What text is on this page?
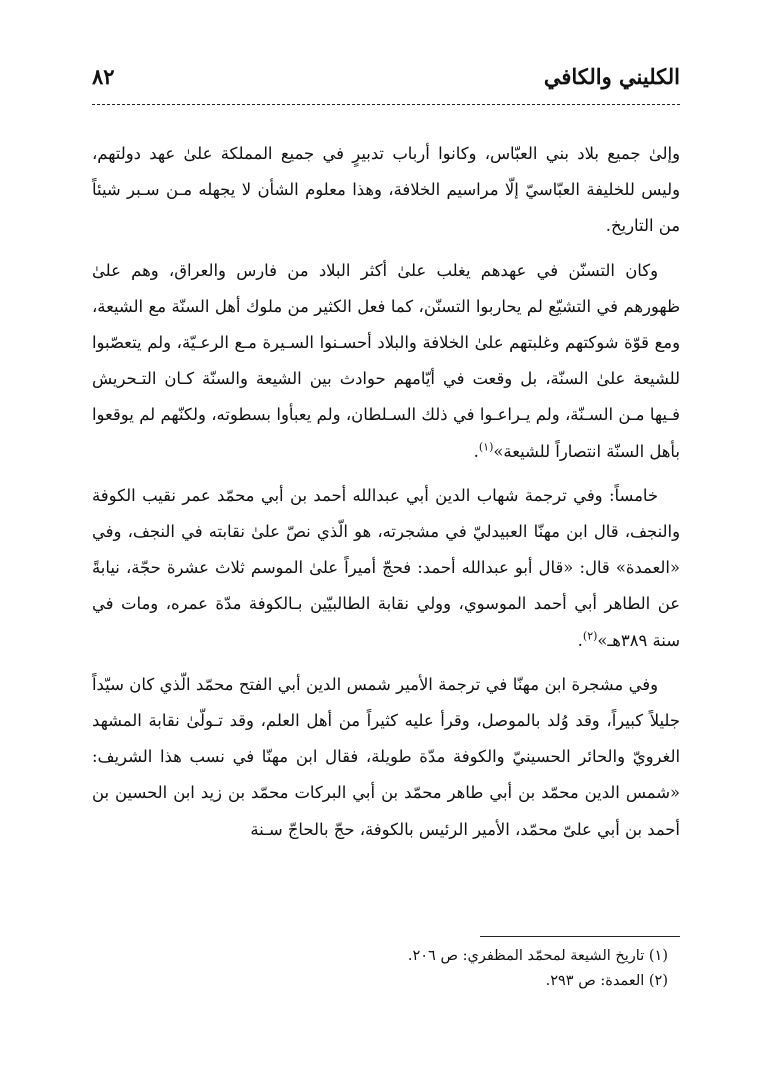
الكليني والكافي
٨٢

وإلىٰ جميع بلاد بني العبّاس، وكانوا أرباب تدبيرٍ في جميع المملكة علىٰ عهد دولتهم، وليس للخليفة العبّاسيّ إلّا مراسيم الخلافة، وهذا معلوم الشأن لا يجهله مـن سـبر شيئاً من التاريخ.

وكان التسنّن في عهدهم يغلب علىٰ أكثر البلاد من فارس والعراق، وهم علىٰ ظهورهم في التشيّع لم يحاربوا التسنّن، كما فعل الكثير من ملوك أهل السنّة مع الشيعة، ومع قوّة شوكتهم وغلبتهم علىٰ الخلافة والبلاد أحسـنوا السـيرة مـع الرعـيّة، ولم يتعصّبوا للشيعة علىٰ السنّة، بل وقعت في أيّامهم حوادث بين الشيعة والسنّة كـان التـحريش فـيها مـن السـنّة، ولم يـراعـوا في ذلك السـلطان، ولم يعبأوا بسطوته، ولكنّهم لم يوقعوا بأهل السنّة انتصاراً للشيعة»$^{(١)}$.

خامساً: وفي ترجمة شهاب الدين أبي عبدالله أحمد بن أبي محمّد عمر نقيب الكوفة والنجف، قال ابن مهنّا العبيدليّ في مشجرته، هو الّذي نصّ علىٰ نقابته في النجف، وفي «العمدة» قال: «قال أبو عبدالله أحمد: فحجّ أميراً علىٰ الموسم ثلاث عشرة حجّة، نيابةً عن الطاهر أبي أحمد الموسوي، وولي نقابة الطالبيّين بـالكوفة مدّة عمره، ومات في سنة ٣٨٩هـ»$^{(٢)}$.

وفي مشجرة ابن مهنّا في ترجمة الأمير شمس الدين أبي الفتح محمّد الّذي كان سيّداً جليلاً كبيراً، وقد وُلد بالموصل، وقرأ عليه كثيراً من أهل العلم، وقد تـولّىٰ نقابة المشهد الغرويّ والحائر الحسينيّ والكوفة مدّة طويلة، فقال ابن مهنّا في نسب هذا الشريف: «شمس الدين محمّد بن أبي طاهر محمّد بن أبي البركات محمّد بن زيد ابن الحسين بن أحمد بن أبي علىّ محمّد، الأمير الرئيس بالكوفة، حجّ بالحاجّ سـنة

(١) تاريخ الشيعة لمحمّد المظفري: ص ٢٠٦.
(٢) العمدة: ص ٢٩٣.
